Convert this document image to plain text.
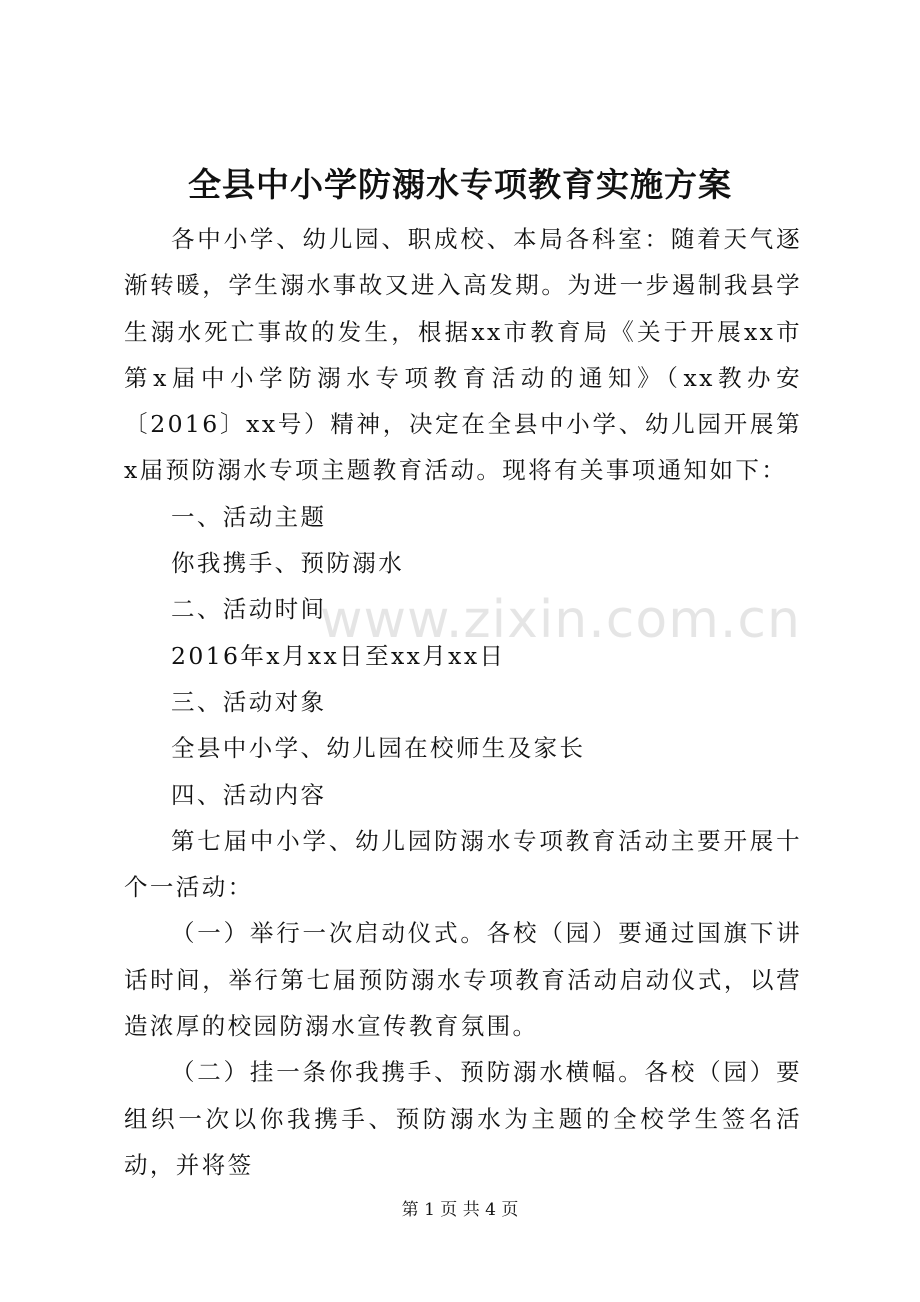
全县中小学防溺水专项教育实施方案

各中小学、幼儿园、职成校、本局各科室：随着天气逐渐转暖，学生溺水事故又进入高发期。为进一步遏制我县学生溺水死亡事故的发生，根据xx市教育局《关于开展xx市第x届中小学防溺水专项教育活动的通知》（xx教办安〔2016〕xx号）精神，决定在全县中小学、幼儿园开展第x届预防溺水专项主题教育活动。现将有关事项通知如下：

一、活动主题

你我携手、预防溺水

二、活动时间

2016年x月xx日至xx月xx日

三、活动对象

全县中小学、幼儿园在校师生及家长

四、活动内容

第七届中小学、幼儿园防溺水专项教育活动主要开展十个一活动：

（一）举行一次启动仪式。各校（园）要通过国旗下讲话时间，举行第七届预防溺水专项教育活动启动仪式，以营造浓厚的校园防溺水宣传教育氛围。

（二）挂一条你我携手、预防溺水横幅。各校（园）要组织一次以你我携手、预防溺水为主题的全校学生签名活动，并将签

www.zixin.com.cn
第 1 页 共 4 页
